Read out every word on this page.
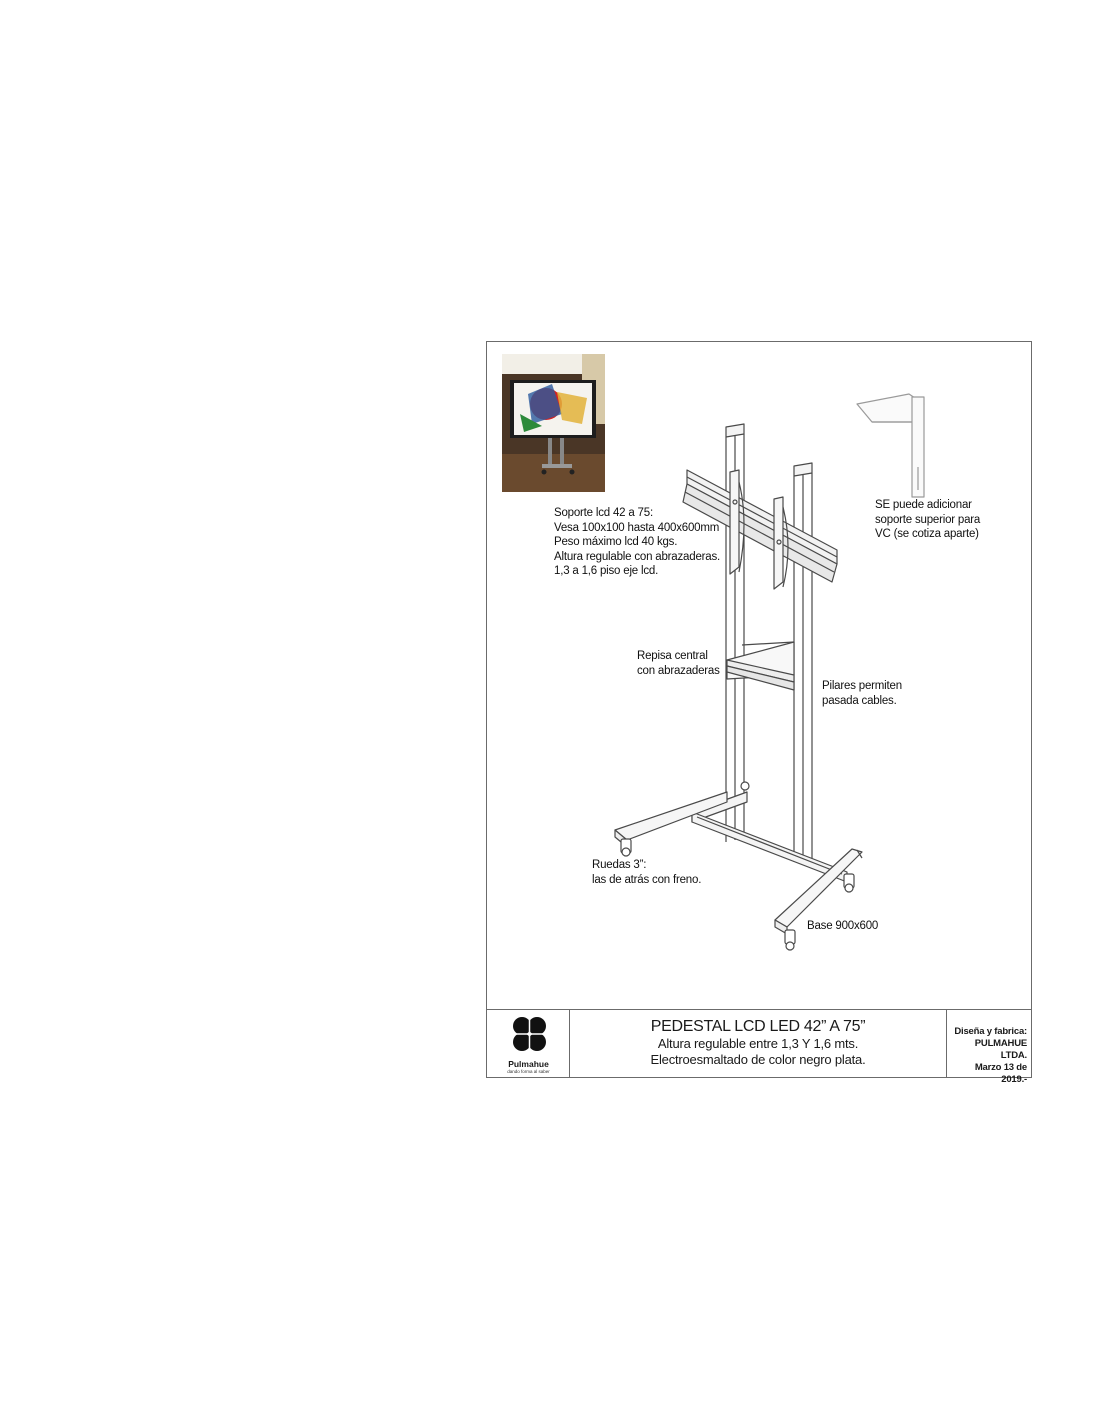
Soporte lcd 42 a 75:
Vesa 100x100 hasta 400x600mm
Peso máximo lcd 40 kgs.
Altura regulable con abrazaderas.
1,3 a 1,6 piso eje lcd.
SE puede adicionar
soporte superior para
VC (se cotiza aparte)
Repisa central
con abrazaderas
Pilares permiten
pasada cables.
Ruedas 3”:
las de atrás con freno.
Base 900x600
Pulmahue
dando forma al saber
PEDESTAL LCD LED 42” A 75”
Altura regulable entre 1,3 Y 1,6 mts.
Electroesmaltado de color negro plata.
Diseña y fabrica:
PULMAHUE LTDA.
Marzo 13 de 2019.-
